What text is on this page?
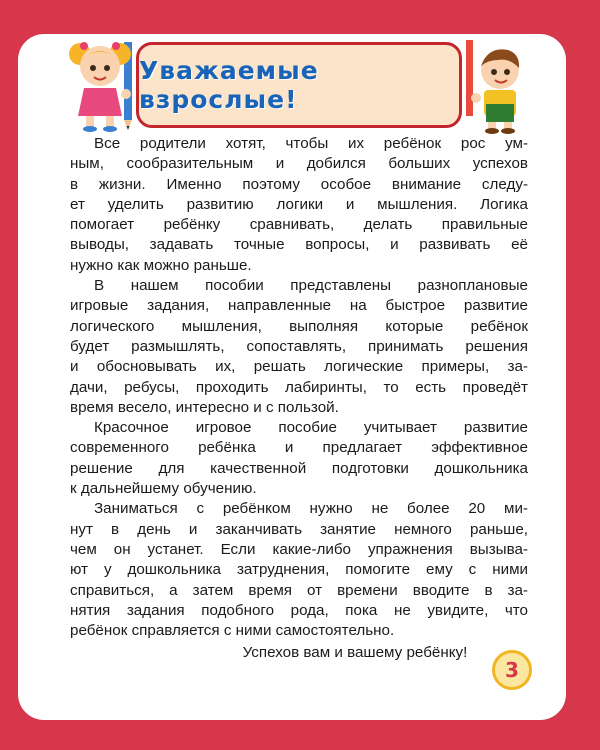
Уважаемые взрослые!
Все родители хотят, чтобы их ребёнок рос ум-
ным, сообразительным и добился больших успехов
в жизни. Именно поэтому особое внимание следу-
ет уделить развитию логики и мышления. Логика
помогает ребёнку сравнивать, делать правильные
выводы, задавать точные вопросы, и развивать её
нужно как можно раньше.
В нашем пособии представлены разноплановые
игровые задания, направленные на быстрое развитие
логического мышления, выполняя которые ребёнок
будет размышлять, сопоставлять, принимать решения
и обосновывать их, решать логические примеры, за-
дачи, ребусы, проходить лабиринты, то есть проведёт
время весело, интересно и с пользой.
Красочное игровое пособие учитывает развитие
современного ребёнка и предлагает эффективное
решение для качественной подготовки дошкольника
к дальнейшему обучению.
Заниматься с ребёнком нужно не более 20 ми-
нут в день и заканчивать занятие немного раньше,
чем он устанет. Если какие-либо упражнения вызыва-
ют у дошкольника затруднения, помогите ему с ними
справиться, а затем время от времени вводите в за-
нятия задания подобного рода, пока не увидите, что
ребёнок справляется с ними самостоятельно.
Успехов вам и вашему ребёнку!
3
